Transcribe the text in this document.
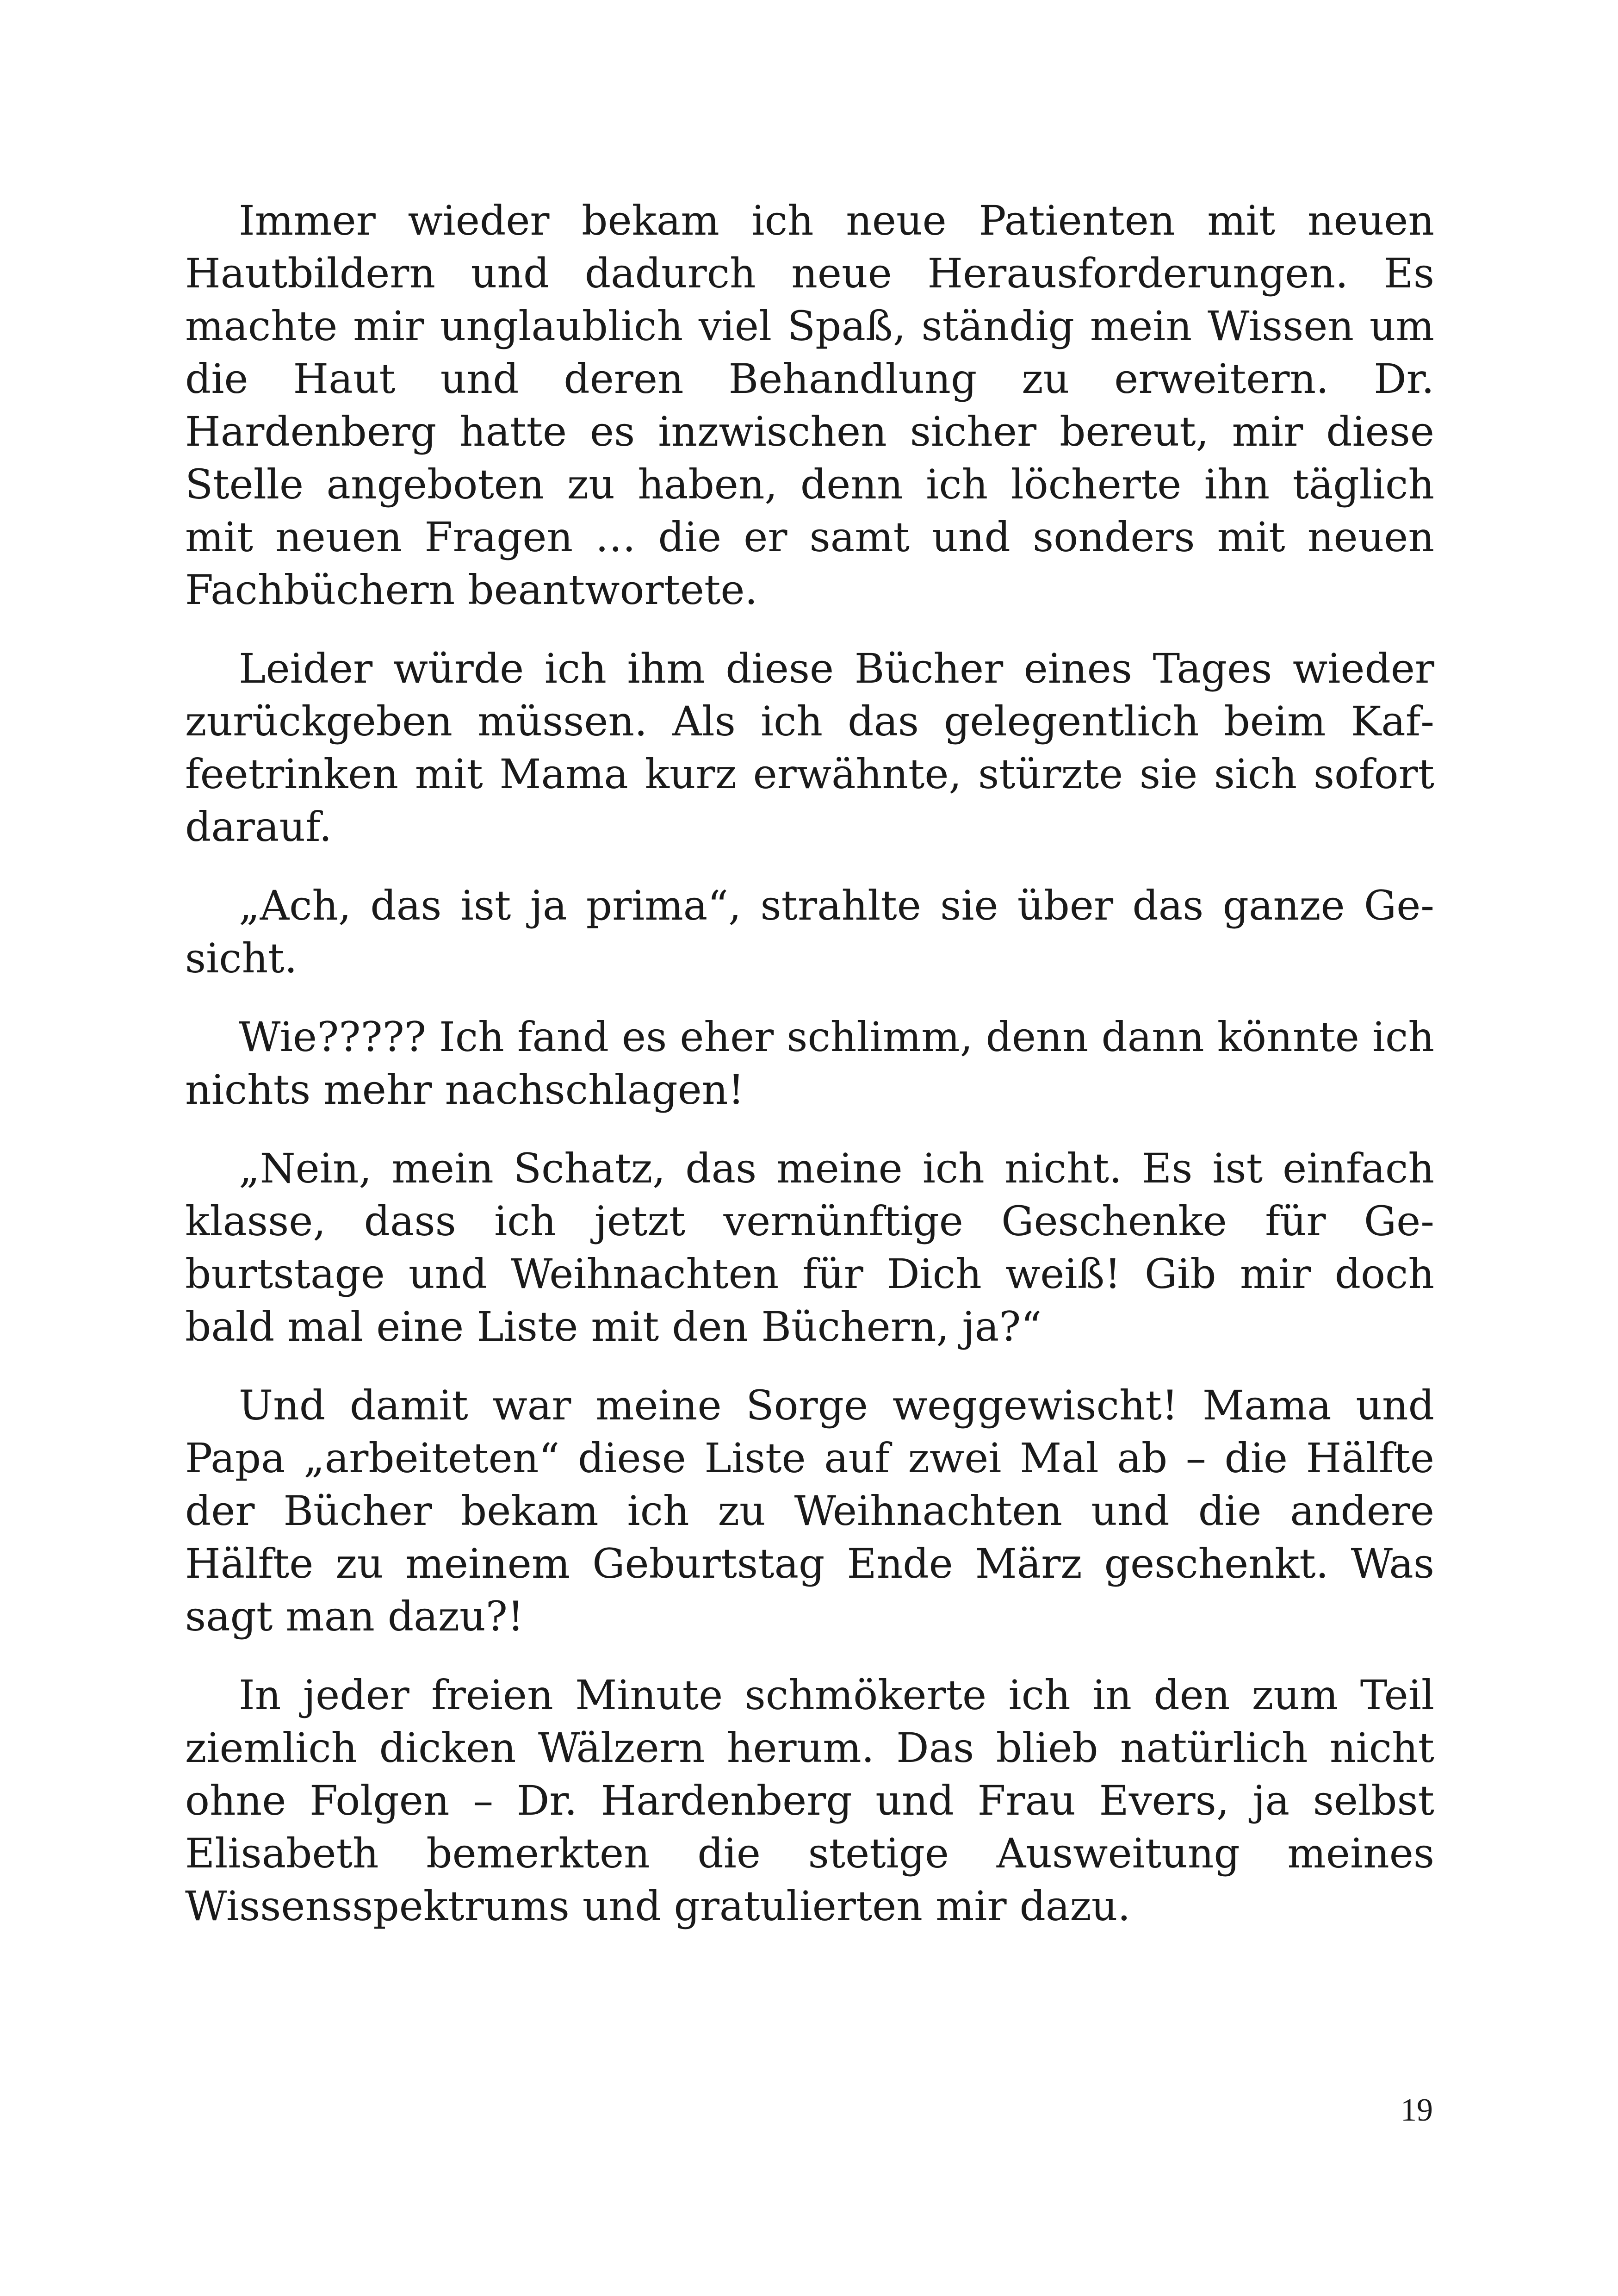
Immer wieder bekam ich neue Patienten mit neuen Hautbildern und dadurch neue Herausforderungen. Es machte mir unglaublich viel Spaß, ständig mein Wissen um die Haut und deren Behandlung zu erweitern. Dr. Hardenberg hatte es inzwischen sicher bereut, mir diese Stelle angeboten zu haben, denn ich löcherte ihn täglich mit neuen Fragen … die er samt und sonders mit neuen Fachbüchern beantwortete.

Leider würde ich ihm diese Bücher eines Tages wieder zurückgeben müssen. Als ich das gelegentlich beim Kaffeetrinken mit Mama kurz erwähnte, stürzte sie sich sofort darauf.

„Ach, das ist ja prima“, strahlte sie über das ganze Gesicht.

Wie????? Ich fand es eher schlimm, denn dann könnte ich nichts mehr nachschlagen!

„Nein, mein Schatz, das meine ich nicht. Es ist einfach klasse, dass ich jetzt vernünftige Geschenke für Geburtstage und Weihnachten für Dich weiß! Gib mir doch bald mal eine Liste mit den Büchern, ja?“

Und damit war meine Sorge weggewischt! Mama und Papa „arbeiteten“ diese Liste auf zwei Mal ab – die Hälfte der Bücher bekam ich zu Weihnachten und die andere Hälfte zu meinem Geburtstag Ende März geschenkt. Was sagt man dazu?!

In jeder freien Minute schmökerte ich in den zum Teil ziemlich dicken Wälzern herum. Das blieb natürlich nicht ohne Folgen – Dr. Hardenberg und Frau Evers, ja selbst Elisabeth bemerkten die stetige Ausweitung meines Wissensspektrums und gratulierten mir dazu.

19
